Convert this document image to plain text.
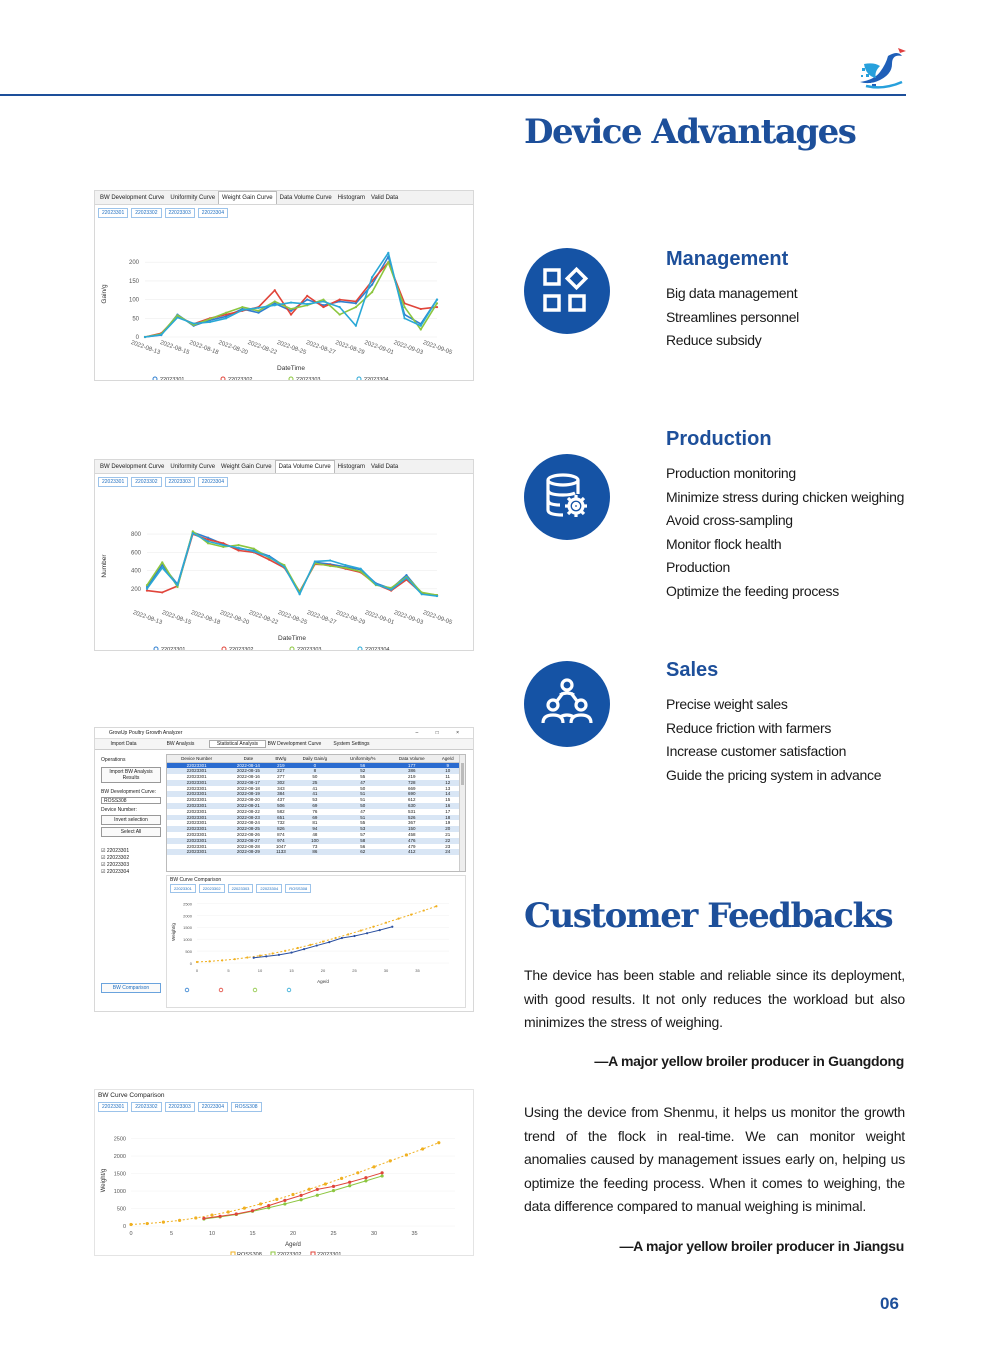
Device Advantages
Management
Big data management
Streamlines personnel
Reduce subsidy
Production
Production monitoring
Minimize stress during chicken weighing
Avoid cross-sampling
Monitor flock health
Production
Optimize the feeding process
Sales
Precise weight sales
Reduce friction with farmers
Increase customer satisfaction
Guide the pricing system in advance
Customer Feedbacks
The device has been stable and reliable since its deployment, with good results. It not only reduces the workload but also minimizes the stress of weighing.
—A major yellow broiler producer in Guangdong
Using the device from Shenmu, it helps us monitor the growth trend of the flock in real-time. We can monitor weight anomalies caused by management issues early on, helping us optimize the feeding process. When it comes to weighing, the data difference compared to manual weighing is minimal.
—A major yellow broiler producer in Jiangsu
06
BW Development Curve	Uniformity Curve	Weight Gain Curve	Data Volume Curve	Histogram	Valid Data
22023301	22023302	22023303	22023304
0
50
100
150
200
2022-08-13
2022-08-15
2022-08-18
2022-08-20
2022-08-22
2022-08-25
2022-08-27
2022-08-29
2022-09-01
2022-09-03
2022-09-05
DateTime
Gain/g
22023301	22023302	22023303	22023304
BW Development Curve	Uniformity Curve	Weight Gain Curve	Data Volume Curve	Histogram	Valid Data
22023301	22023302	22023303	22023304
200
400
600
800
2022-08-13
2022-08-15
2022-08-18
2022-08-20
2022-08-22
2022-08-25
2022-08-27
2022-08-29
2022-09-01
2022-09-03
2022-09-05
DateTime
Number
22023301	22023302	22023303	22023304
GrowUp Poultry Growth Analyzer	– □ ×
Import Data	BW Analysis	Statistical Analysis	BW Development Curve	System Settings
Operations
Import BW Analysis Results
BW Development Curve:
ROSS308
Device Number:
Invert selection
Select All
☑ 22023301
☑ 22023302
☑ 22023303
☑ 22023304
BW Comparison
Device Number	Date	BW/g	Daily Gain/g	Uniformity/%	Data Volume	Age/d
22023301	2022-08-14	219	0	56	177	9
22023301	2022-08-15	227	8	52	386	10
22023301	2022-08-16	277	50	55	219	11
22023301	2022-08-17	302	25	47	728	12
22023301	2022-08-18	343	41	50	669	13
22023301	2022-08-19	384	41	51	690	14
22023301	2022-08-20	437	53	51	612	15
22023301	2022-08-21	506	69	50	630	16
22023301	2022-08-22	582	76	47	531	17
22023301	2022-08-23	651	69	51	526	18
22023301	2022-08-24	732	81	55	367	19
22023301	2022-08-25	826	94	53	150	20
22023301	2022-08-26	874	48	57	458	21
22023301	2022-08-27	974	100	58	476	22
22023301	2022-08-28	1047	73	56	479	23
22023301	2022-08-29	1133	86	62	412	24
BW Curve Comparison
22023301	22023302	22023303	22023304	ROSS308
0
500
1000
1500
2000
2500
0	5	10	15	20	25	30	35
Age/d
Weight/g
BW Curve Comparison
22023301	22023302	22023303	22023304	ROSS308
0
500
1000
1500
2000
2500
0	5	10	15	20	25	30	35
Age/d
Weight/g
ROSS308	22023302	22023301
